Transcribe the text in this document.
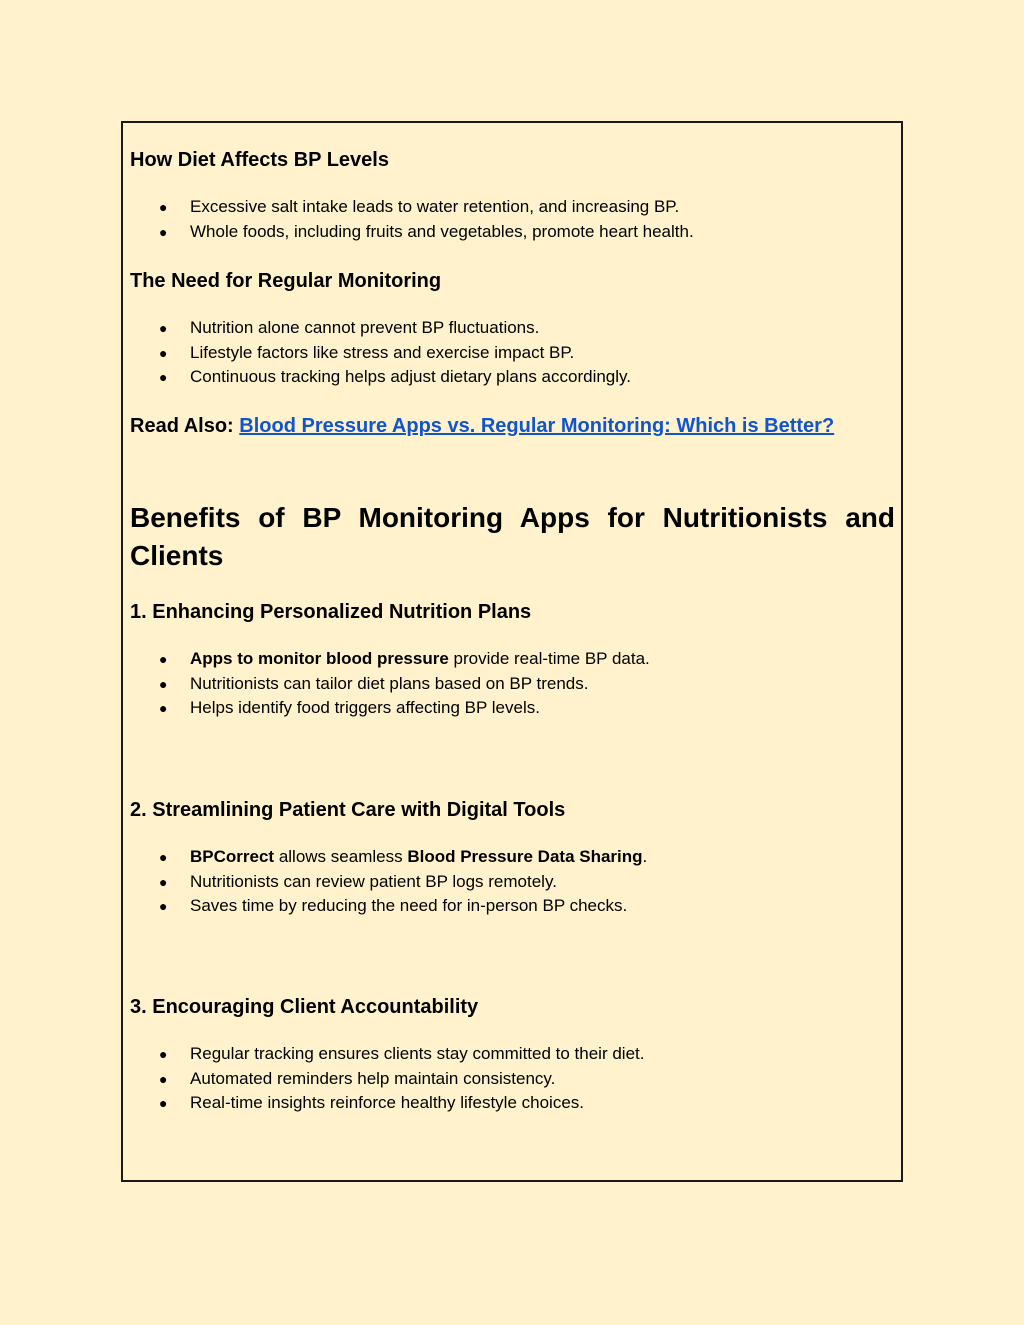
How Diet Affects BP Levels
● Excessive salt intake leads to water retention, and increasing BP.
● Whole foods, including fruits and vegetables, promote heart health.
The Need for Regular Monitoring
● Nutrition alone cannot prevent BP fluctuations.
● Lifestyle factors like stress and exercise impact BP.
● Continuous tracking helps adjust dietary plans accordingly.

Read Also: Blood Pressure Apps vs. Regular Monitoring: Which is Better?

Benefits of BP Monitoring Apps for Nutritionists and Clients
1. Enhancing Personalized Nutrition Plans
● Apps to monitor blood pressure provide real-time BP data.
● Nutritionists can tailor diet plans based on BP trends.
● Helps identify food triggers affecting BP levels.
2. Streamlining Patient Care with Digital Tools
● BPCorrect allows seamless Blood Pressure Data Sharing.
● Nutritionists can review patient BP logs remotely.
● Saves time by reducing the need for in-person BP checks.
3. Encouraging Client Accountability
● Regular tracking ensures clients stay committed to their diet.
● Automated reminders help maintain consistency.
● Real-time insights reinforce healthy lifestyle choices.
